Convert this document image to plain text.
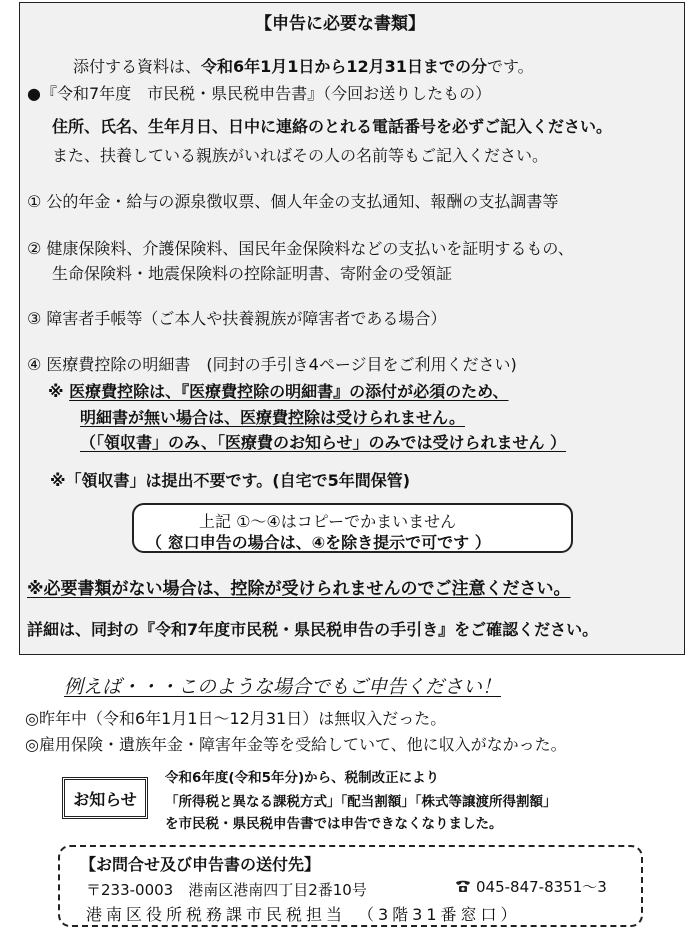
【申告に必要な書類】
添付する資料は、令和6年1月1日から12月31日までの分です。
●『令和7年度　市民税・県民税申告書』（今回お送りしたもの）
住所、氏名、生年月日、日中に連絡のとれる電話番号を必ずご記入ください。
また、扶養している親族がいればその人の名前等もご記入ください。
① 公的年金・給与の源泉徴収票、個人年金の支払通知、報酬の支払調書等
② 健康保険料、介護保険料、国民年金保険料などの支払いを証明するもの、
生命保険料・地震保険料の控除証明書、寄附金の受領証
③ 障害者手帳等（ご本人や扶養親族が障害者である場合）
④ 医療費控除の明細書　(同封の手引き4ページ目をご利用ください)
※ 医療費控除は、『医療費控除の明細書』の添付が必須のため、
明細書が無い場合は、医療費控除は受けられません。
（「領収書」のみ、「医療費のお知らせ」のみでは受けられません ）
※「領収書」は提出不要です。(自宅で5年間保管)
上記 ①～④はコピーでかまいません
（ 窓口申告の場合は、④を除き提示で可です ）
※必要書類がない場合は、控除が受けられませんのでご注意ください。
詳細は、同封の『令和7年度市民税・県民税申告の手引き』をご確認ください。
例えば・・・このような場合でもご申告ください！
◎昨年中（令和6年1月1日～12月31日）は無収入だった。
◎雇用保険・遺族年金・障害年金等を受給していて、他に収入がなかった。
お知らせ
令和6年度(令和5年分)から、税制改正により
「所得税と異なる課税方式」「配当割額」「株式等譲渡所得割額」
を市民税・県民税申告書では申告できなくなりました。
【お問合せ及び申告書の送付先】
〒233-0003　港南区港南四丁目2番10号	045-847-8351～3
港南区役所税務課市民税担当　（3階31番窓口）
